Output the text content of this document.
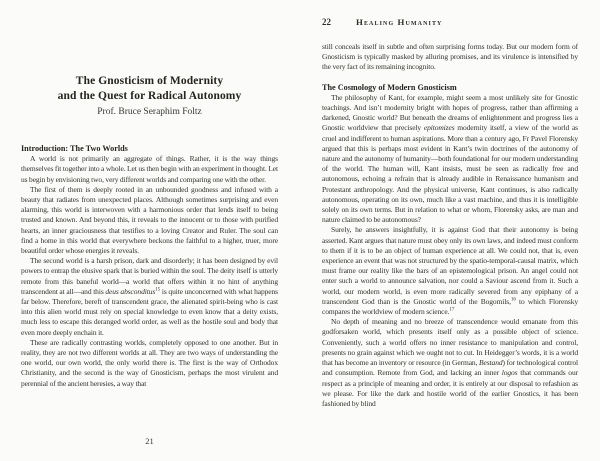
The Gnosticism of Modernity
and the Quest for Radical Autonomy
Prof. Bruce Seraphim Foltz
Introduction: The Two Worlds

A world is not primarily an aggregate of things. Rather, it is the way things themselves fit together into a whole. Let us then begin with an experiment in thought. Let us begin by envisioning two, very different worlds and comparing one with the other.

The first of them is deeply rooted in an unbounded goodness and infused with a beauty that radiates from unexpected places. Although sometimes surprising and even alarming, this world is interwoven with a harmonious order that lends itself to being trusted and known. And beyond this, it reveals to the innocent or to those with purified hearts, an inner graciousness that testifies to a loving Creator and Ruler. The soul can find a home in this world that everywhere beckons the faithful to a higher, truer, more beautiful order whose energies it reveals.

The second world is a harsh prison, dark and disorderly; it has been designed by evil powers to entrap the elusive spark that is buried within the soul. The deity itself is utterly remote from this baneful world—a world that offers within it no hint of anything transcendent at all—and this deus absconditus$^{15}$ is quite unconcerned with what happens far below. Therefore, bereft of transcendent grace, the alienated spirit-being who is cast into this alien world must rely on special knowledge to even know that a deity exists, much less to escape this deranged world order, as well as the hostile soul and body that even more deeply enchain it.

These are radically contrasting worlds, completely opposed to one another. But in reality, they are not two different worlds at all. They are two ways of understanding the one world, our own world, the only world there is. The first is the way of Orthodox Christianity, and the second is the way of Gnosticism, perhaps the most virulent and perennial of the ancient heresies, a way that

21
22	Healing Humanity

still conceals itself in subtle and often surprising forms today. But our modern form of Gnosticism is typically masked by alluring promises, and its virulence is intensified by the very fact of its remaining incognito.

The Cosmology of Modern Gnosticism

The philosophy of Kant, for example, might seem a most unlikely site for Gnostic teachings. And isn’t modernity bright with hopes of progress, rather than affirming a darkened, Gnostic world? But beneath the dreams of enlightenment and progress lies a Gnostic worldview that precisely epitomizes modernity itself, a view of the world as cruel and indifferent to human aspirations. More than a century ago, Fr Pavel Florensky argued that this is perhaps most evident in Kant’s twin doctrines of the autonomy of nature and the autonomy of humanity—both foundational for our modern understanding of the world. The human will, Kant insists, must be seen as radically free and autonomous, echoing a refrain that is already audible in Renaissance humanism and Protestant anthropology. And the physical universe, Kant continues, is also radically autonomous, operating on its own, much like a vast machine, and thus it is intelligible solely on its own terms. But in relation to what or whom, Florensky asks, are man and nature claimed to be autonomous?

Surely, he answers insightfully, it is against God that their autonomy is being asserted. Kant argues that nature must obey only its own laws, and indeed must conform to them if it is to be an object of human experience at all. We could not, that is, even experience an event that was not structured by the spatio-temporal-causal matrix, which must frame our reality like the bars of an epistemological prison. An angel could not enter such a world to announce salvation, nor could a Saviour ascend from it. Such a world, our modern world, is even more radically severed from any epiphany of a transcendent God than is the Gnostic world of the Bogomils,$^{16}$ to which Florensky compares the worldview of modern science.$^{17}$

No depth of meaning and no breeze of transcendence would emanate from this godforsaken world, which presents itself only as a possible object of science. Conveniently, such a world offers no inner resistance to manipulation and control, presents no grain against which we ought not to cut. In Heidegger’s words, it is a world that has become an inventory or resource (in German, Bestand) for technological control and consumption. Remote from God, and lacking an inner logos that commands our respect as a principle of meaning and order, it is entirely at our disposal to refashion as we please. For like the dark and hostile world of the earlier Gnostics, it has been fashioned by blind
